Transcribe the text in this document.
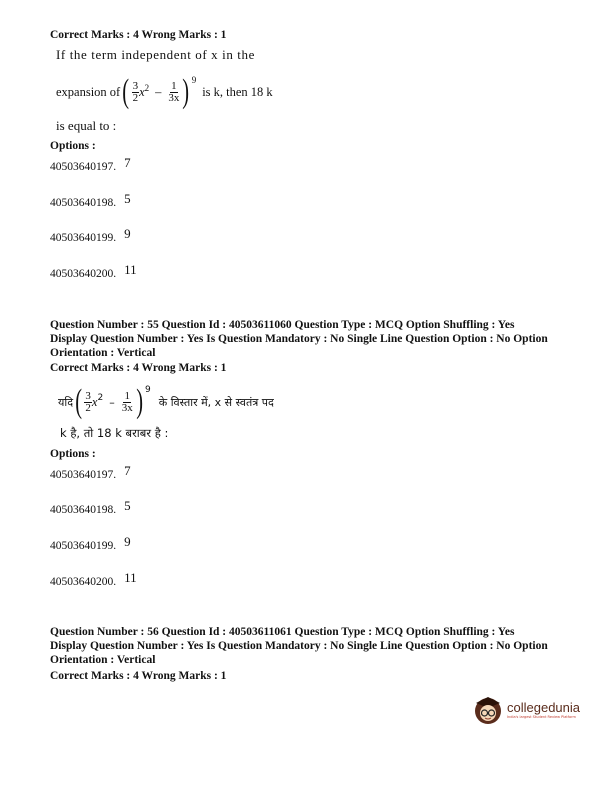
Correct Marks : 4 Wrong Marks : 1
If the term independent of x in the
expansion of ( $\frac{3}{2}$ x $2 - \frac{1}{3x}$ ) 9
is k, then 18 k
is equal to :
Options :
40503640197. 7
40503640198. 5
40503640199. 9
40503640200. 11
Question Number : 55 Question Id : 40503611060 Question Type : MCQ Option Shuffling : Yes
Display Question Number : Yes Is Question Mandatory : No Single Line Question Option : No Option
Orientation : Vertical
Correct Marks : 4 Wrong Marks : 1
यदि ( $\frac{3}{2}$ x $2 - \frac{1}{3x}$ ) 9
के विस्तार में, x से स्वतंत्र पद
k है, तो 18 k बराबर है :
Options :
40503640197. 7
40503640198. 5
40503640199. 9
40503640200. 11
Question Number : 56 Question Id : 40503611061 Question Type : MCQ Option Shuffling : Yes
Display Question Number : Yes Is Question Mandatory : No Single Line Question Option : No Option
Orientation : Vertical
Correct Marks : 4 Wrong Marks : 1
collegedunia
India's largest Student Review Platform
